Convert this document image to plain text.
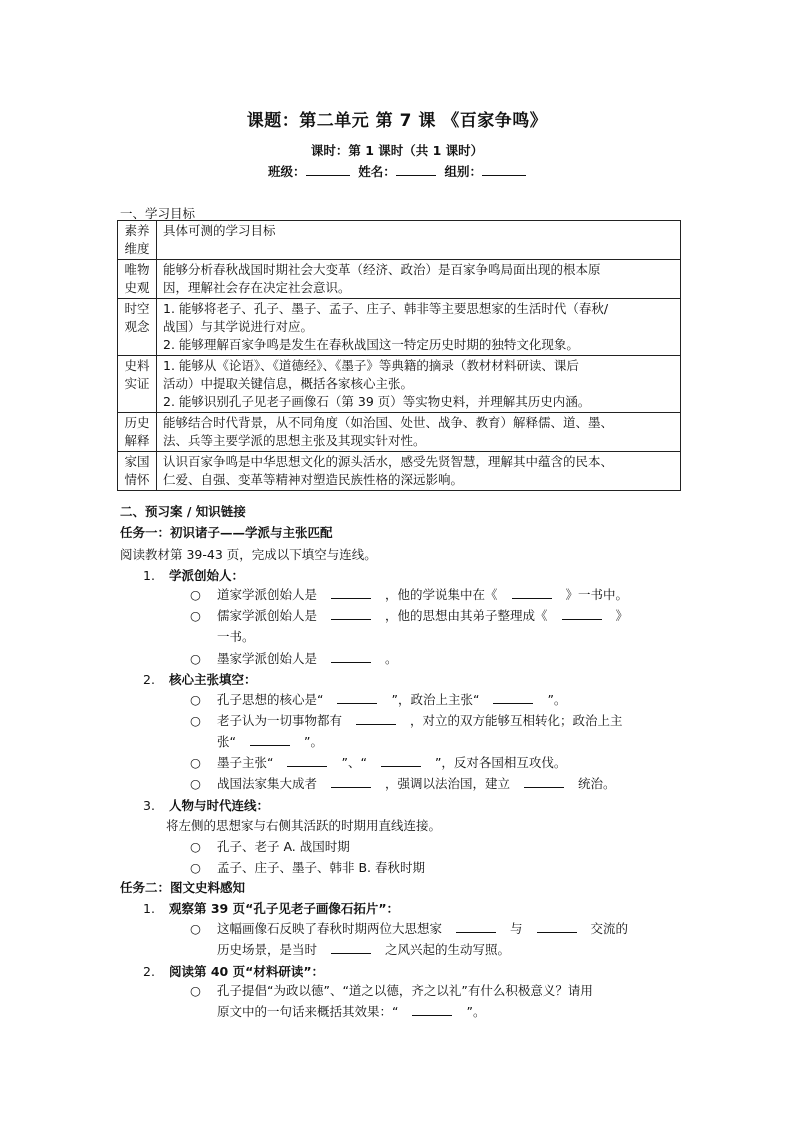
课题：第二单元 第 7 课 《百家争鸣》
课时：第 1 课时（共 1 课时）
班级：	姓名：	组别：
一、学习目标
素养
维度	具体可测的学习目标
唯物
史观	能够分析春秋战国时期社会大变革（经济、政治）是百家争鸣局面出现的根本原
因，理解社会存在决定社会意识。
时空
观念	1. 能够将老子、孔子、墨子、孟子、庄子、韩非等主要思想家的生活时代（春秋/
战国）与其学说进行对应。
2. 能够理解百家争鸣是发生在春秋战国这一特定历史时期的独特文化现象。
史料
实证	1. 能够从《论语》、《道德经》、《墨子》等典籍的摘录（教材材料研读、课后
活动）中提取关键信息，概括各家核心主张。
2. 能够识别孔子见老子画像石（第 39 页）等实物史料，并理解其历史内涵。
历史
解释	能够结合时代背景，从不同角度（如治国、处世、战争、教育）解释儒、道、墨、
法、兵等主要学派的思想主张及其现实针对性。
家国
情怀	认识百家争鸣是中华思想文化的源头活水，感受先贤智慧，理解其中蕴含的民本、
仁爱、自强、变革等精神对塑造民族性格的深远影响。
二、预习案 / 知识链接
任务一：初识诸子——学派与主张匹配
阅读教材第 39-43 页，完成以下填空与连线。
1. 学派创始人：
○ 道家学派创始人是	，他的学说集中在《	》一书中。
○ 儒家学派创始人是	，他的思想由其弟子整理成《	》
一书。
○ 墨家学派创始人是	。
2. 核心主张填空：
○ 孔子思想的核心是“	”，政治上主张“	”。
○ 老子认为一切事物都有	，对立的双方能够互相转化；政治上主
张“	”。
○ 墨子主张“	”、“	”，反对各国相互攻伐。
○ 战国法家集大成者	，强调以法治国，建立	统治。
3. 人物与时代连线：
将左侧的思想家与右侧其活跃的时期用直线连接。
○ 孔子、老子 A. 战国时期
○ 孟子、庄子、墨子、韩非 B. 春秋时期
任务二：图文史料感知
1. 观察第 39 页“孔子见老子画像石拓片”：
○ 这幅画像石反映了春秋时期两位大思想家	与	交流的
历史场景，是当时	之风兴起的生动写照。
2. 阅读第 40 页“材料研读”：
○ 孔子提倡“为政以德”、“道之以德，齐之以礼”有什么积极意义？请用
原文中的一句话来概括其效果：“	”。
